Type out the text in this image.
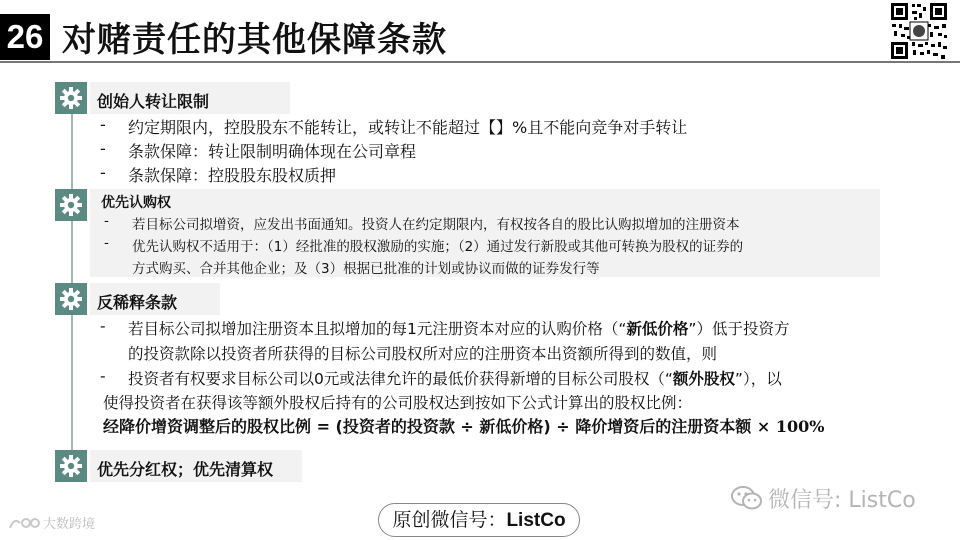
26 对赌责任的其他保障条款
创始人转让限制
- 约定期限内，控股股东不能转让，或转让不能超过【】%且不能向竞争对手转让
- 条款保障：转让限制明确体现在公司章程
- 条款保障：控股股东股权质押
优先认购权
- 若目标公司拟增资，应发出书面通知。投资人在约定期限内，有权按各自的股比认购拟增加的注册资本
- 优先认购权不适用于：（1）经批准的股权激励的实施；（2）通过发行新股或其他可转换为股权的证券的
方式购买、合并其他企业；及（3）根据已批准的计划或协议而做的证券发行等
反稀释条款
- 若目标公司拟增加注册资本且拟增加的每1元注册资本对应的认购价格（“新低价格”）低于投资方
的投资款除以投资者所获得的目标公司股权所对应的注册资本出资额所得到的数值，则
- 投资者有权要求目标公司以0元或法律允许的最低价获得新增的目标公司股权（“额外股权”），以
使得投资者在获得该等额外股权后持有的公司股权达到按如下公式计算出的股权比例：
经降价增资调整后的股权比例 = (投资者的投资款 ÷ 新低价格) ÷ 降价增资后的注册资本额 × 100%
优先分红权；优先清算权
微信号: ListCo
大数跨境	原创微信号：ListCo
